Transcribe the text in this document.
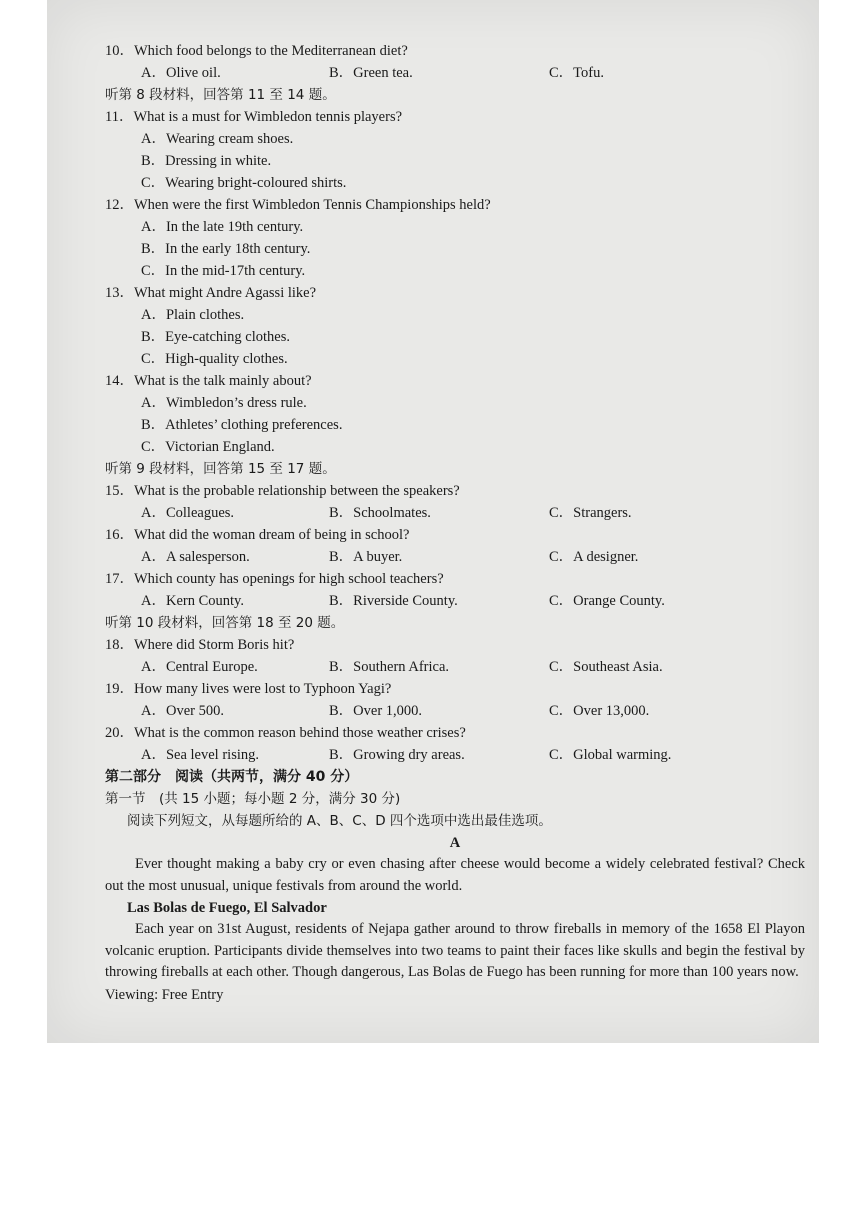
10．Which food belongs to the Mediterranean diet?
A．Olive oil.	B．Green tea.	C．Tofu.
听第 8 段材料，回答第 11 至 14 题。
11．What is a must for Wimbledon tennis players?
A．Wearing cream shoes.
B．Dressing in white.
C．Wearing bright-coloured shirts.
12．When were the first Wimbledon Tennis Championships held?
A．In the late 19th century.
B．In the early 18th century.
C．In the mid-17th century.
13．What might Andre Agassi like?
A．Plain clothes.
B．Eye-catching clothes.
C．High-quality clothes.
14．What is the talk mainly about?
A．Wimbledon’s dress rule.
B．Athletes’ clothing preferences.
C．Victorian England.
听第 9 段材料，回答第 15 至 17 题。
15．What is the probable relationship between the speakers?
A．Colleagues.	B．Schoolmates.	C．Strangers.
16．What did the woman dream of being in school?
A．A salesperson.	B．A buyer.	C．A designer.
17．Which county has openings for high school teachers?
A．Kern County.	B．Riverside County.	C．Orange County.
听第 10 段材料，回答第 18 至 20 题。
18．Where did Storm Boris hit?
A．Central Europe.	B．Southern Africa.	C．Southeast Asia.
19．How many lives were lost to Typhoon Yagi?
A．Over 500.	B．Over 1,000.	C．Over 13,000.
20．What is the common reason behind those weather crises?
A．Sea level rising.	B．Growing dry areas.	C．Global warming.
第二部分　阅读（共两节，满分 40 分）
第一节　(共 15 小题；每小题 2 分，满分 30 分)
阅读下列短文，从每题所给的 A、B、C、D 四个选项中选出最佳选项。
A
Ever thought making a baby cry or even chasing after cheese would become a widely celebrated festival? Check out the most unusual, unique festivals from around the world.
Las Bolas de Fuego, El Salvador
Each year on 31st August, residents of Nejapa gather around to throw fireballs in memory of the 1658 El Playon volcanic eruption. Participants divide themselves into two teams to paint their faces like skulls and begin the festival by throwing fireballs at each other. Though dangerous, Las Bolas de Fuego has been running for more than 100 years now.
Viewing: Free Entry
